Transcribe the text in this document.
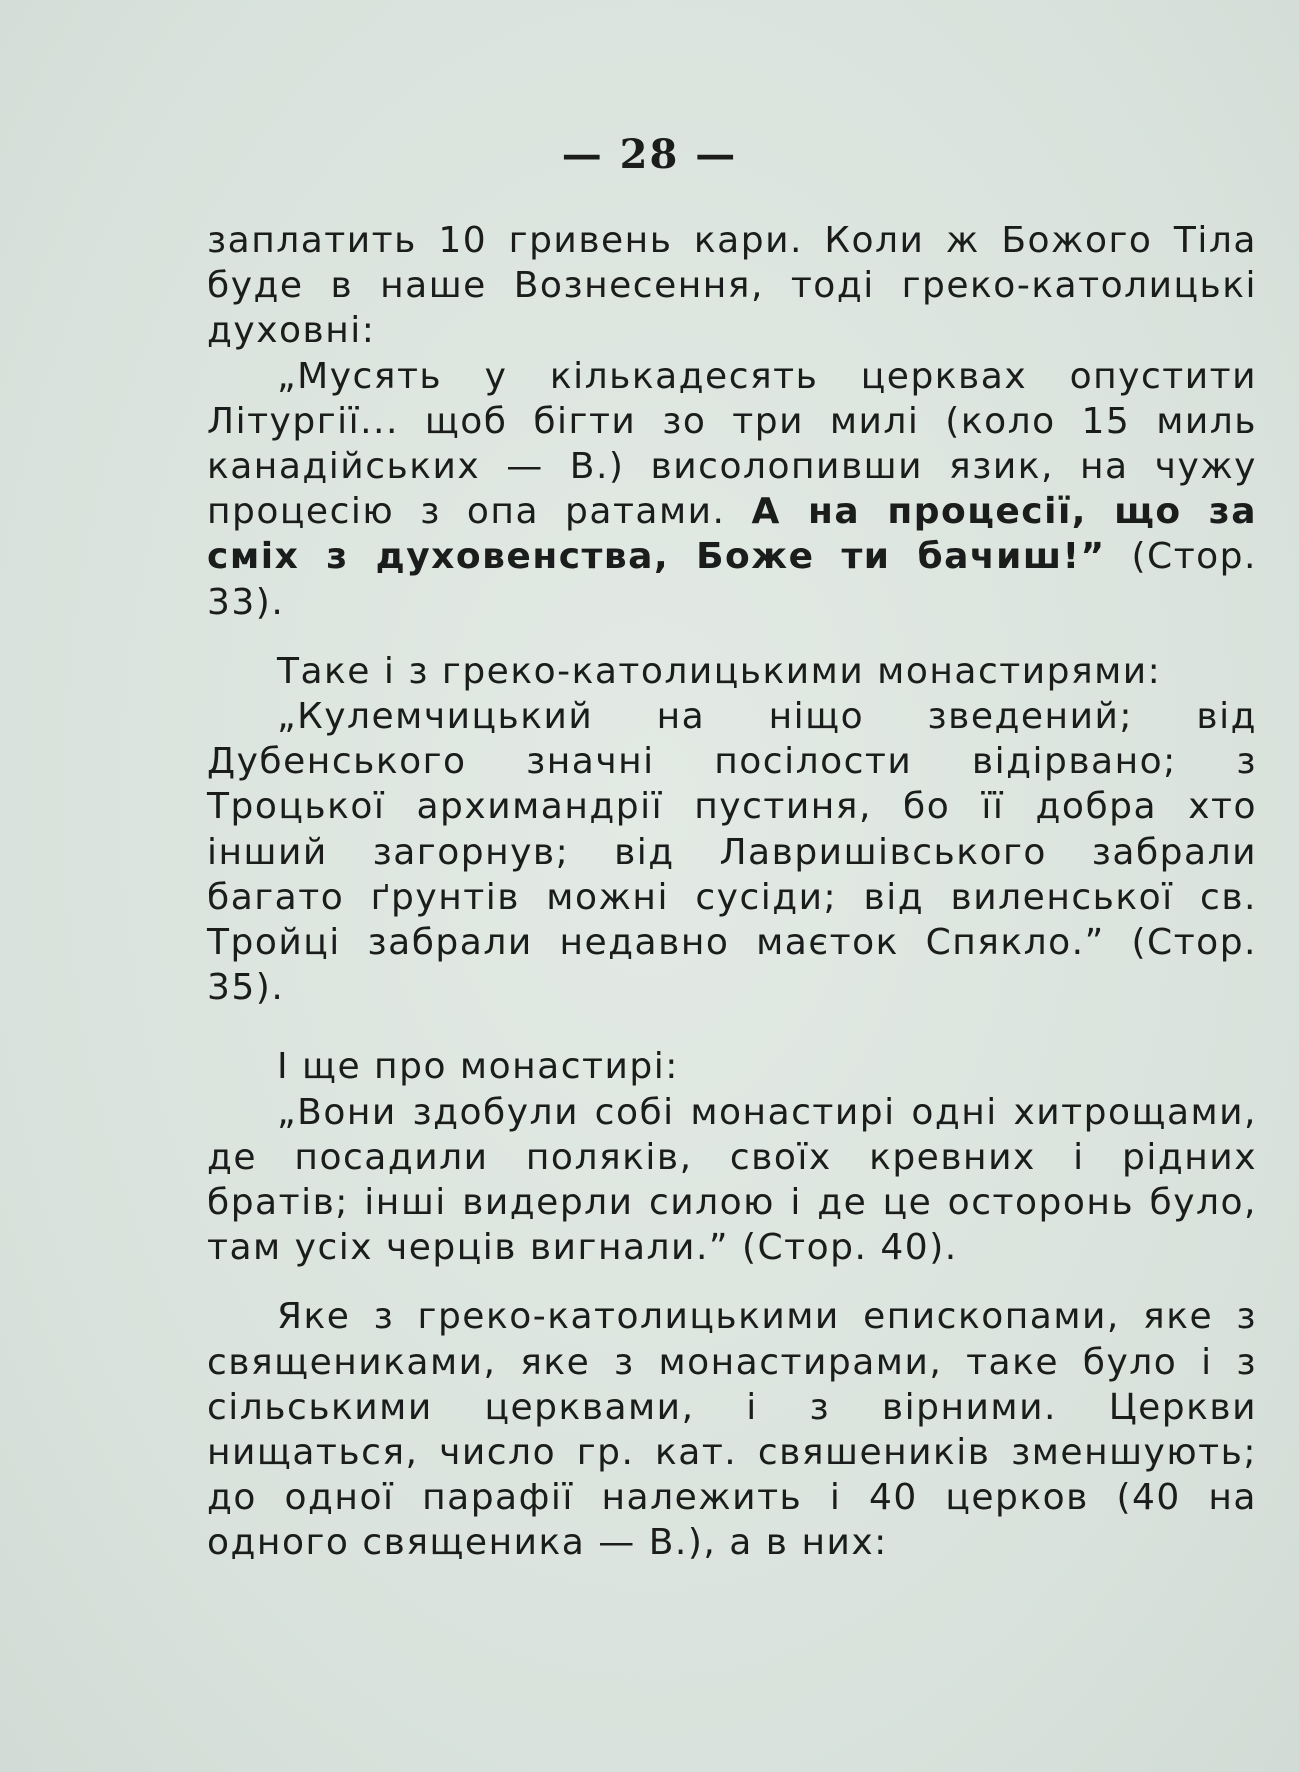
— 28 —

заплатить 10 гривень кари. Коли ж Божого Тіла буде в наше Вознесення, тоді греко-католицькі духовні:

„Мусять у кількадесять церквах опустити Літургії... щоб бігти зо три милі (коло 15 миль канадійських — В.) висолопивши язик, на чужу процесію з опа ратами. А на процесії, що за сміх з духовенства, Боже ти бачиш!” (Стор. 33).

Таке і з греко-католицькими монастирями:

„Кулемчицький на ніщо зведений; від Дубенського значні посілости відірвано; з Троцької архимандрії пустиня, бо її добра хто інший загорнув; від Лавришівського забрали багато ґрунтів можні сусіди; від виленської св. Тройці забрали недавно маєток Спякло.” (Стор. 35).

І ще про монастирі:

„Вони здобули собі монастирі одні хитрощами, де посадили поляків, своїх кревних і рідних братів; інші видерли силою і де це осторонь було, там усіх черців вигнали.” (Стор. 40).

Яке з греко-католицькими епископами, яке з священиками, яке з монастирами, таке було і з сільськими церквами, і з вірними. Церкви нищаться, число гр. кат. свяшеників зменшують; до одної парафії належить і 40 церков (40 на одного священика — В.), а в них:
